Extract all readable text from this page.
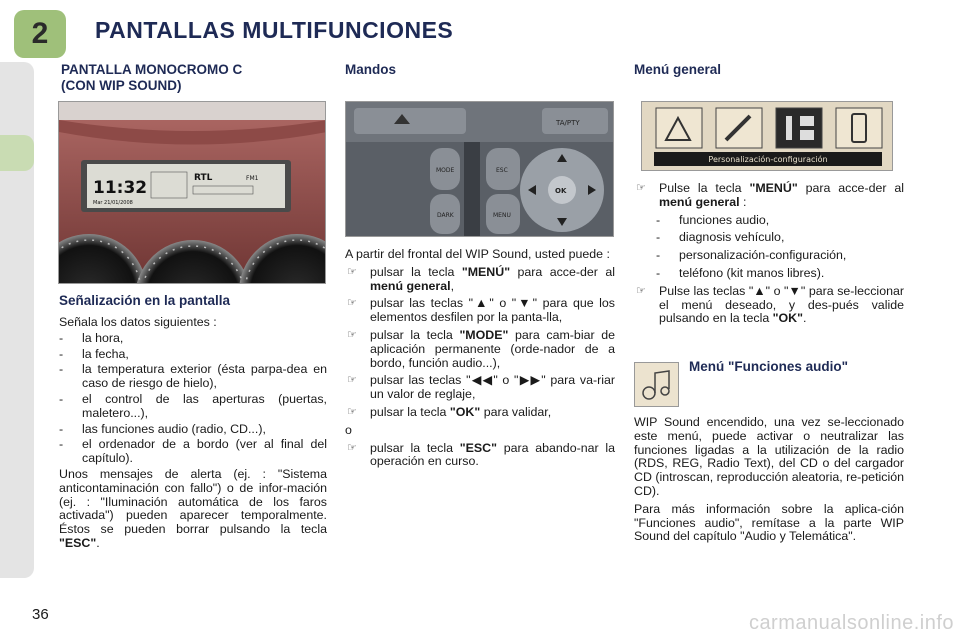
2	PANTALLAS MULTIFUNCIONES
PANTALLA MONOCROMO C
(CON WIP SOUND)
11:32
Mar 21/01/2008
RTL	FM1
Señalización en la pantalla
Señala los datos siguientes :
- la hora,
- la fecha,
- la temperatura exterior (ésta parpa-dea en caso de riesgo de hielo),
- el control de las aperturas (puertas, maletero...),
- las funciones audio (radio, CD...),
- el ordenador de a bordo (ver al final del capítulo).

Unos mensajes de alerta (ej. : "Sistema anticontaminación con fallo") o de infor-mación (ej. : "Iluminación automática de los faros activada") pueden aparecer temporalmente. Éstos se pueden borrar pulsando la tecla "ESC".

Mandos
TA/PTY
MODE
DARK
ESC
MENU
OK
A partir del frontal del WIP Sound, usted puede :
☞ pulsar la tecla "MENÚ" para acce-der al menú general,
☞ pulsar las teclas "▲" o "▼" para que los elementos desfilen por la panta-lla,
☞ pulsar la tecla "MODE" para cam-biar de aplicación permanente (orde-nador de a bordo, función audio...),
☞ pulsar las teclas "◀◀" o "▶▶" para va-riar un valor de reglaje,
☞ pulsar la tecla "OK" para validar,
o
☞ pulsar la tecla "ESC" para abando-nar la operación en curso.
Menú general
Personalización-configuración
☞ Pulse la tecla "MENÚ" para acce-der al menú general :
- funciones audio,
- diagnosis vehículo,
- personalización-configuración,
- teléfono (kit manos libres).
☞ Pulse las teclas "▲" o "▼" para se-leccionar el menú deseado, y des-pués valide pulsando en la tecla "OK".
Menú "Funciones audio"

WIP Sound encendido, una vez se-leccionado este menú, puede activar o neutralizar las funciones ligadas a la utilización de la radio (RDS, REG, Radio Text), del CD o del cargador CD (introscan, reproducción aleatoria, re-petición CD).

Para más información sobre la aplica-ción "Funciones audio", remítase a la parte WIP Sound del capítulo "Audio y Telemática".

36	carmanualsonline.info
